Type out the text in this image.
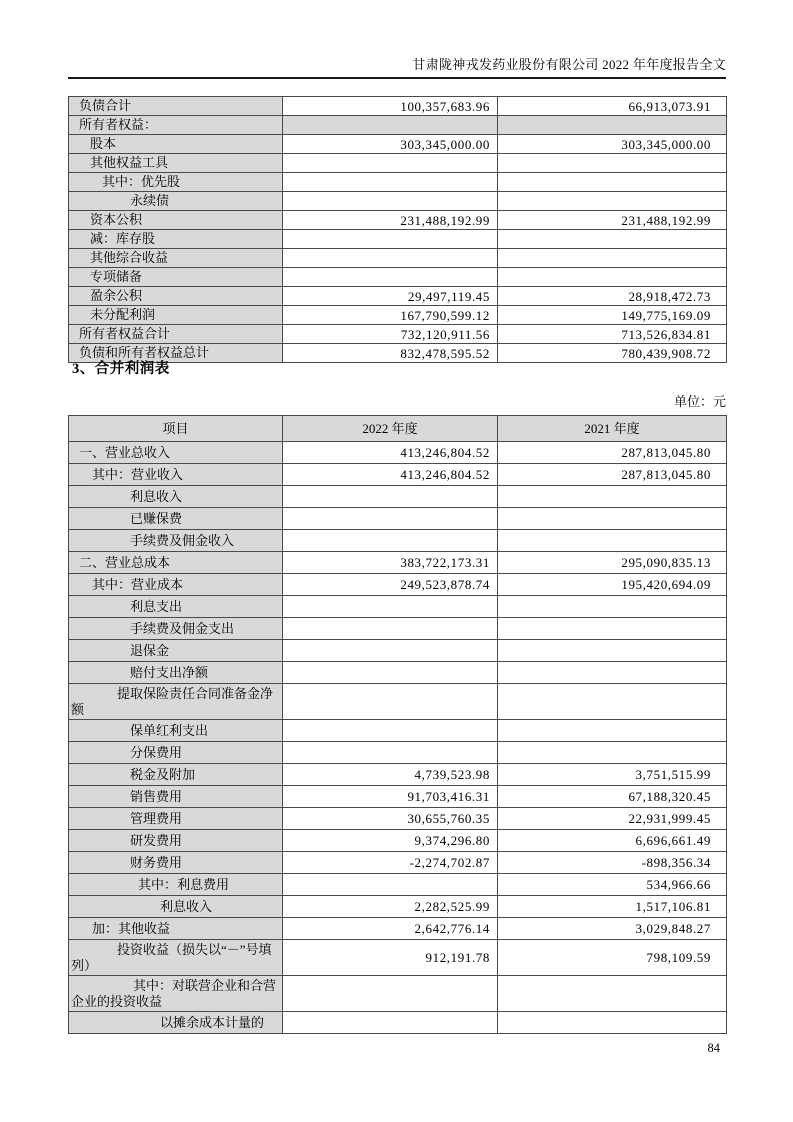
甘肃陇神戎发药业股份有限公司 2022 年年度报告全文
负债合计	100,357,683.96	66,913,073.91
所有者权益：		
股本	303,345,000.00	303,345,000.00
其他权益工具		
其中：优先股		
永续债		
资本公积	231,488,192.99	231,488,192.99
减：库存股		
其他综合收益		
专项储备		
盈余公积	29,497,119.45	28,918,472.73
未分配利润	167,790,599.12	149,775,169.09
所有者权益合计	732,120,911.56	713,526,834.81
负债和所有者权益总计	832,478,595.52	780,439,908.72
3、合并利润表
单位：元
项目	2022 年度	2021 年度
一、营业总收入	413,246,804.52	287,813,045.80
其中：营业收入	413,246,804.52	287,813,045.80
利息收入		
已赚保费		
手续费及佣金收入		
二、营业总成本	383,722,173.31	295,090,835.13
其中：营业成本	249,523,878.74	195,420,694.09
利息支出		
手续费及佣金支出		
退保金		
赔付支出净额		
提取保险责任合同准备金净额		
保单红利支出		
分保费用		
税金及附加	4,739,523.98	3,751,515.99
销售费用	91,703,416.31	67,188,320.45
管理费用	30,655,760.35	22,931,999.45
研发费用	9,374,296.80	6,696,661.49
财务费用	-2,274,702.87	-898,356.34
其中：利息费用		534,966.66
利息收入	2,282,525.99	1,517,106.81
加：其他收益	2,642,776.14	3,029,848.27
投资收益（损失以“－”号填列）	912,191.78	798,109.59
其中：对联营企业和合营企业的投资收益		
以摊余成本计量的		
84
